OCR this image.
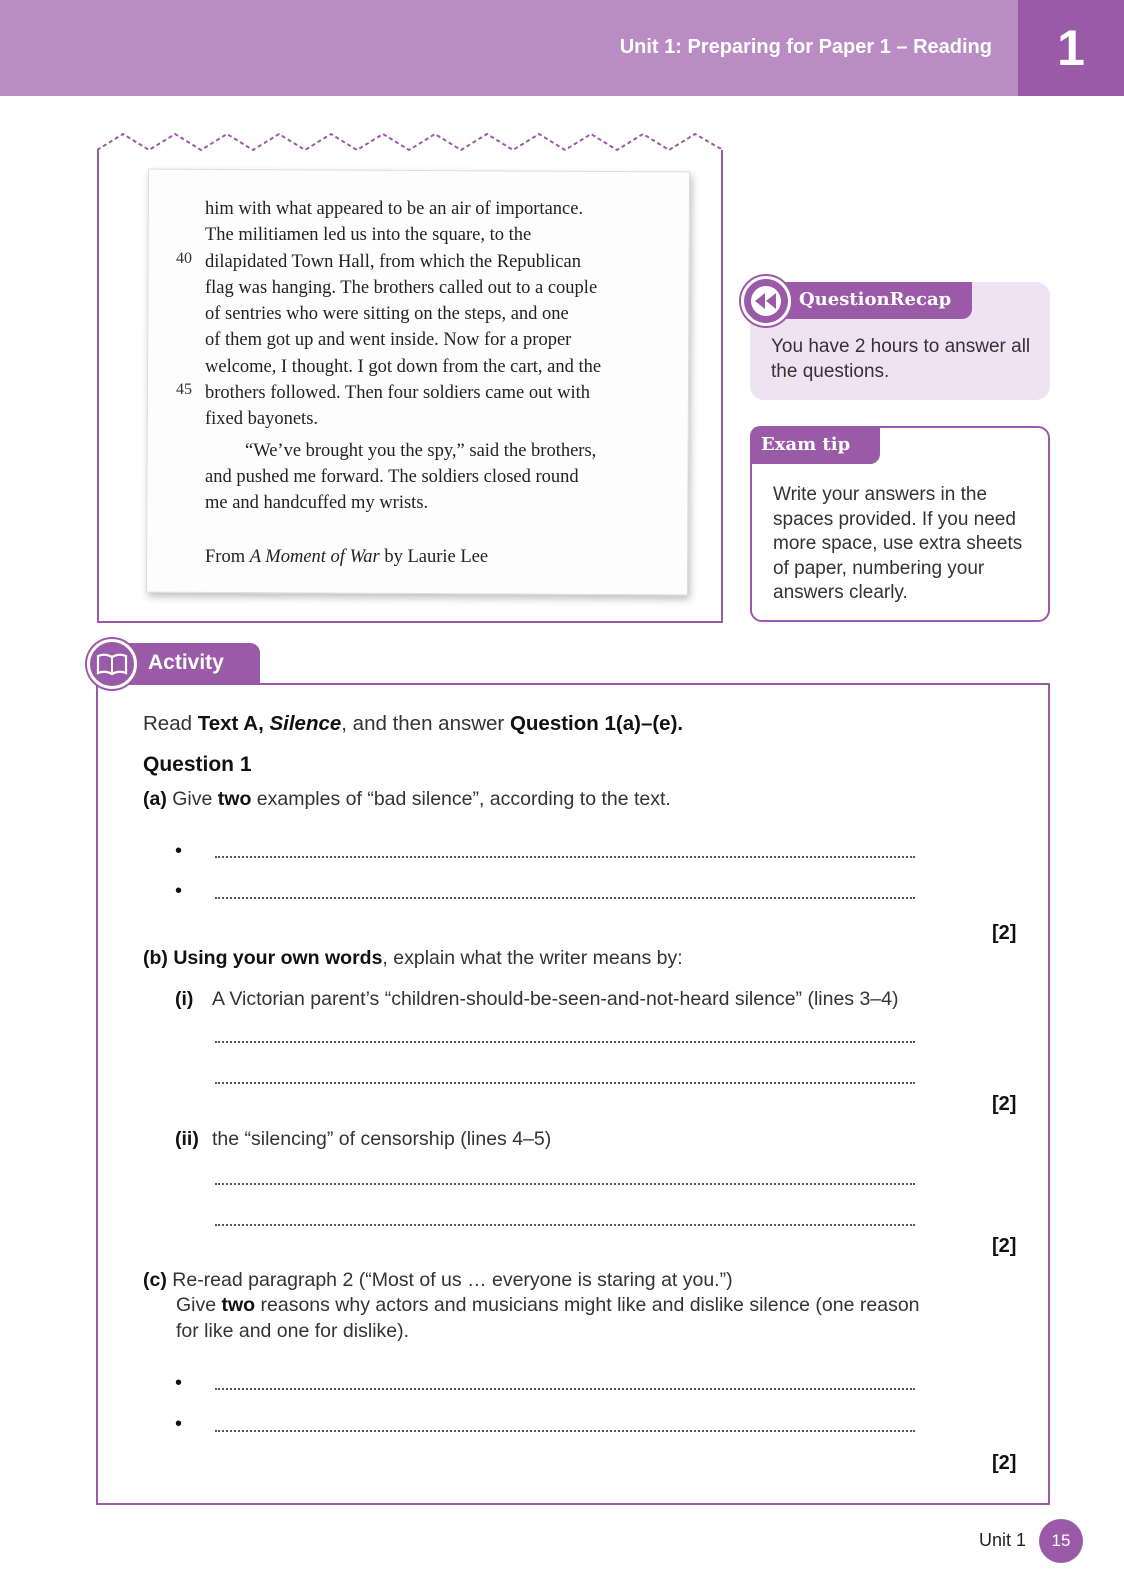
Unit 1: Preparing for Paper 1 – Reading	1
40
45
him with what appeared to be an air of importance.
The militiamen led us into the square, to the
dilapidated Town Hall, from which the Republican
flag was hanging. The brothers called out to a couple
of sentries who were sitting on the steps, and one
of them got up and went inside. Now for a proper
welcome, I thought. I got down from the cart, and the
brothers followed. Then four soldiers came out with
fixed bayonets.
“We’ve brought you the spy,” said the brothers,
and pushed me forward. The soldiers closed round
me and handcuffed my wrists.
From A Moment of War by Laurie Lee
QuestionRecap
You have 2 hours to answer all the questions.
Exam tip
Write your answers in the spaces provided. If you need more space, use extra sheets of paper, numbering your answers clearly.
Activity
Read Text A, Silence, and then answer Question 1(a)–(e).
Question 1
(a) Give two examples of “bad silence”, according to the text.
•
•
[2]
(b) Using your own words, explain what the writer means by:
(i) A Victorian parent’s “children-should-be-seen-and-not-heard silence” (lines 3–4)
[2]
(ii) the “silencing” of censorship (lines 4–5)
[2]
(c) Re-read paragraph 2 (“Most of us … everyone is staring at you.”)
Give two reasons why actors and musicians might like and dislike silence (one reason
for like and one for dislike).
•
•
[2]
Unit 1	15
